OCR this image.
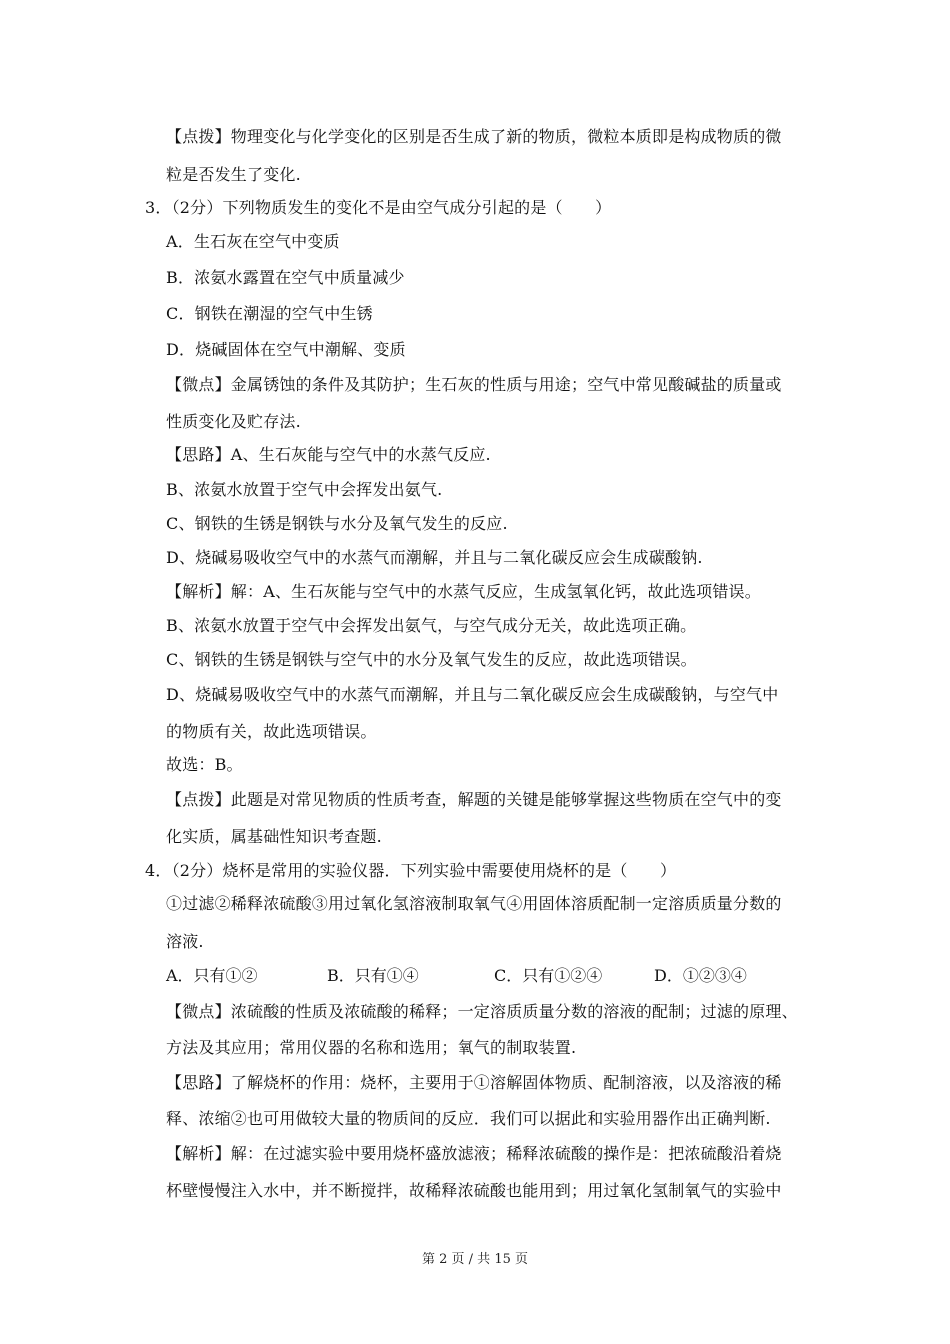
【点拨】物理变化与化学变化的区别是否生成了新的物质，微粒本质即是构成物质的微
粒是否发生了变化.
3．（2分）下列物质发生的变化不是由空气成分引起的是（　　）
A．生石灰在空气中变质
B．浓氨水露置在空气中质量减少
C．钢铁在潮湿的空气中生锈
D．烧碱固体在空气中潮解、变质
【微点】金属锈蚀的条件及其防护；生石灰的性质与用途；空气中常见酸碱盐的质量或
性质变化及贮存法.
【思路】A、生石灰能与空气中的水蒸气反应.
B、浓氨水放置于空气中会挥发出氨气.
C、钢铁的生锈是钢铁与水分及氧气发生的反应.
D、烧碱易吸收空气中的水蒸气而潮解，并且与二氧化碳反应会生成碳酸钠.
【解析】解：A、生石灰能与空气中的水蒸气反应，生成氢氧化钙，故此选项错误。
B、浓氨水放置于空气中会挥发出氨气，与空气成分无关，故此选项正确。
C、钢铁的生锈是钢铁与空气中的水分及氧气发生的反应，故此选项错误。
D、烧碱易吸收空气中的水蒸气而潮解，并且与二氧化碳反应会生成碳酸钠，与空气中
的物质有关，故此选项错误。
故选：B。
【点拨】此题是对常见物质的性质考查，解题的关键是能够掌握这些物质在空气中的变
化实质，属基础性知识考查题.
4．（2分）烧杯是常用的实验仪器．下列实验中需要使用烧杯的是（　　）
①过滤②稀释浓硫酸③用过氧化氢溶液制取氧气④用固体溶质配制一定溶质质量分数的
溶液.
A．只有①②	B．只有①④	C．只有①②④	D．①②③④
【微点】浓硫酸的性质及浓硫酸的稀释；一定溶质质量分数的溶液的配制；过滤的原理、
方法及其应用；常用仪器的名称和选用；氧气的制取装置.
【思路】了解烧杯的作用：烧杯，主要用于①溶解固体物质、配制溶液，以及溶液的稀
释、浓缩②也可用做较大量的物质间的反应．我们可以据此和实验用器作出正确判断.
【解析】解：在过滤实验中要用烧杯盛放滤液；稀释浓硫酸的操作是：把浓硫酸沿着烧
杯壁慢慢注入水中，并不断搅拌，故稀释浓硫酸也能用到；用过氧化氢制氧气的实验中
第 2 页 / 共 15 页
